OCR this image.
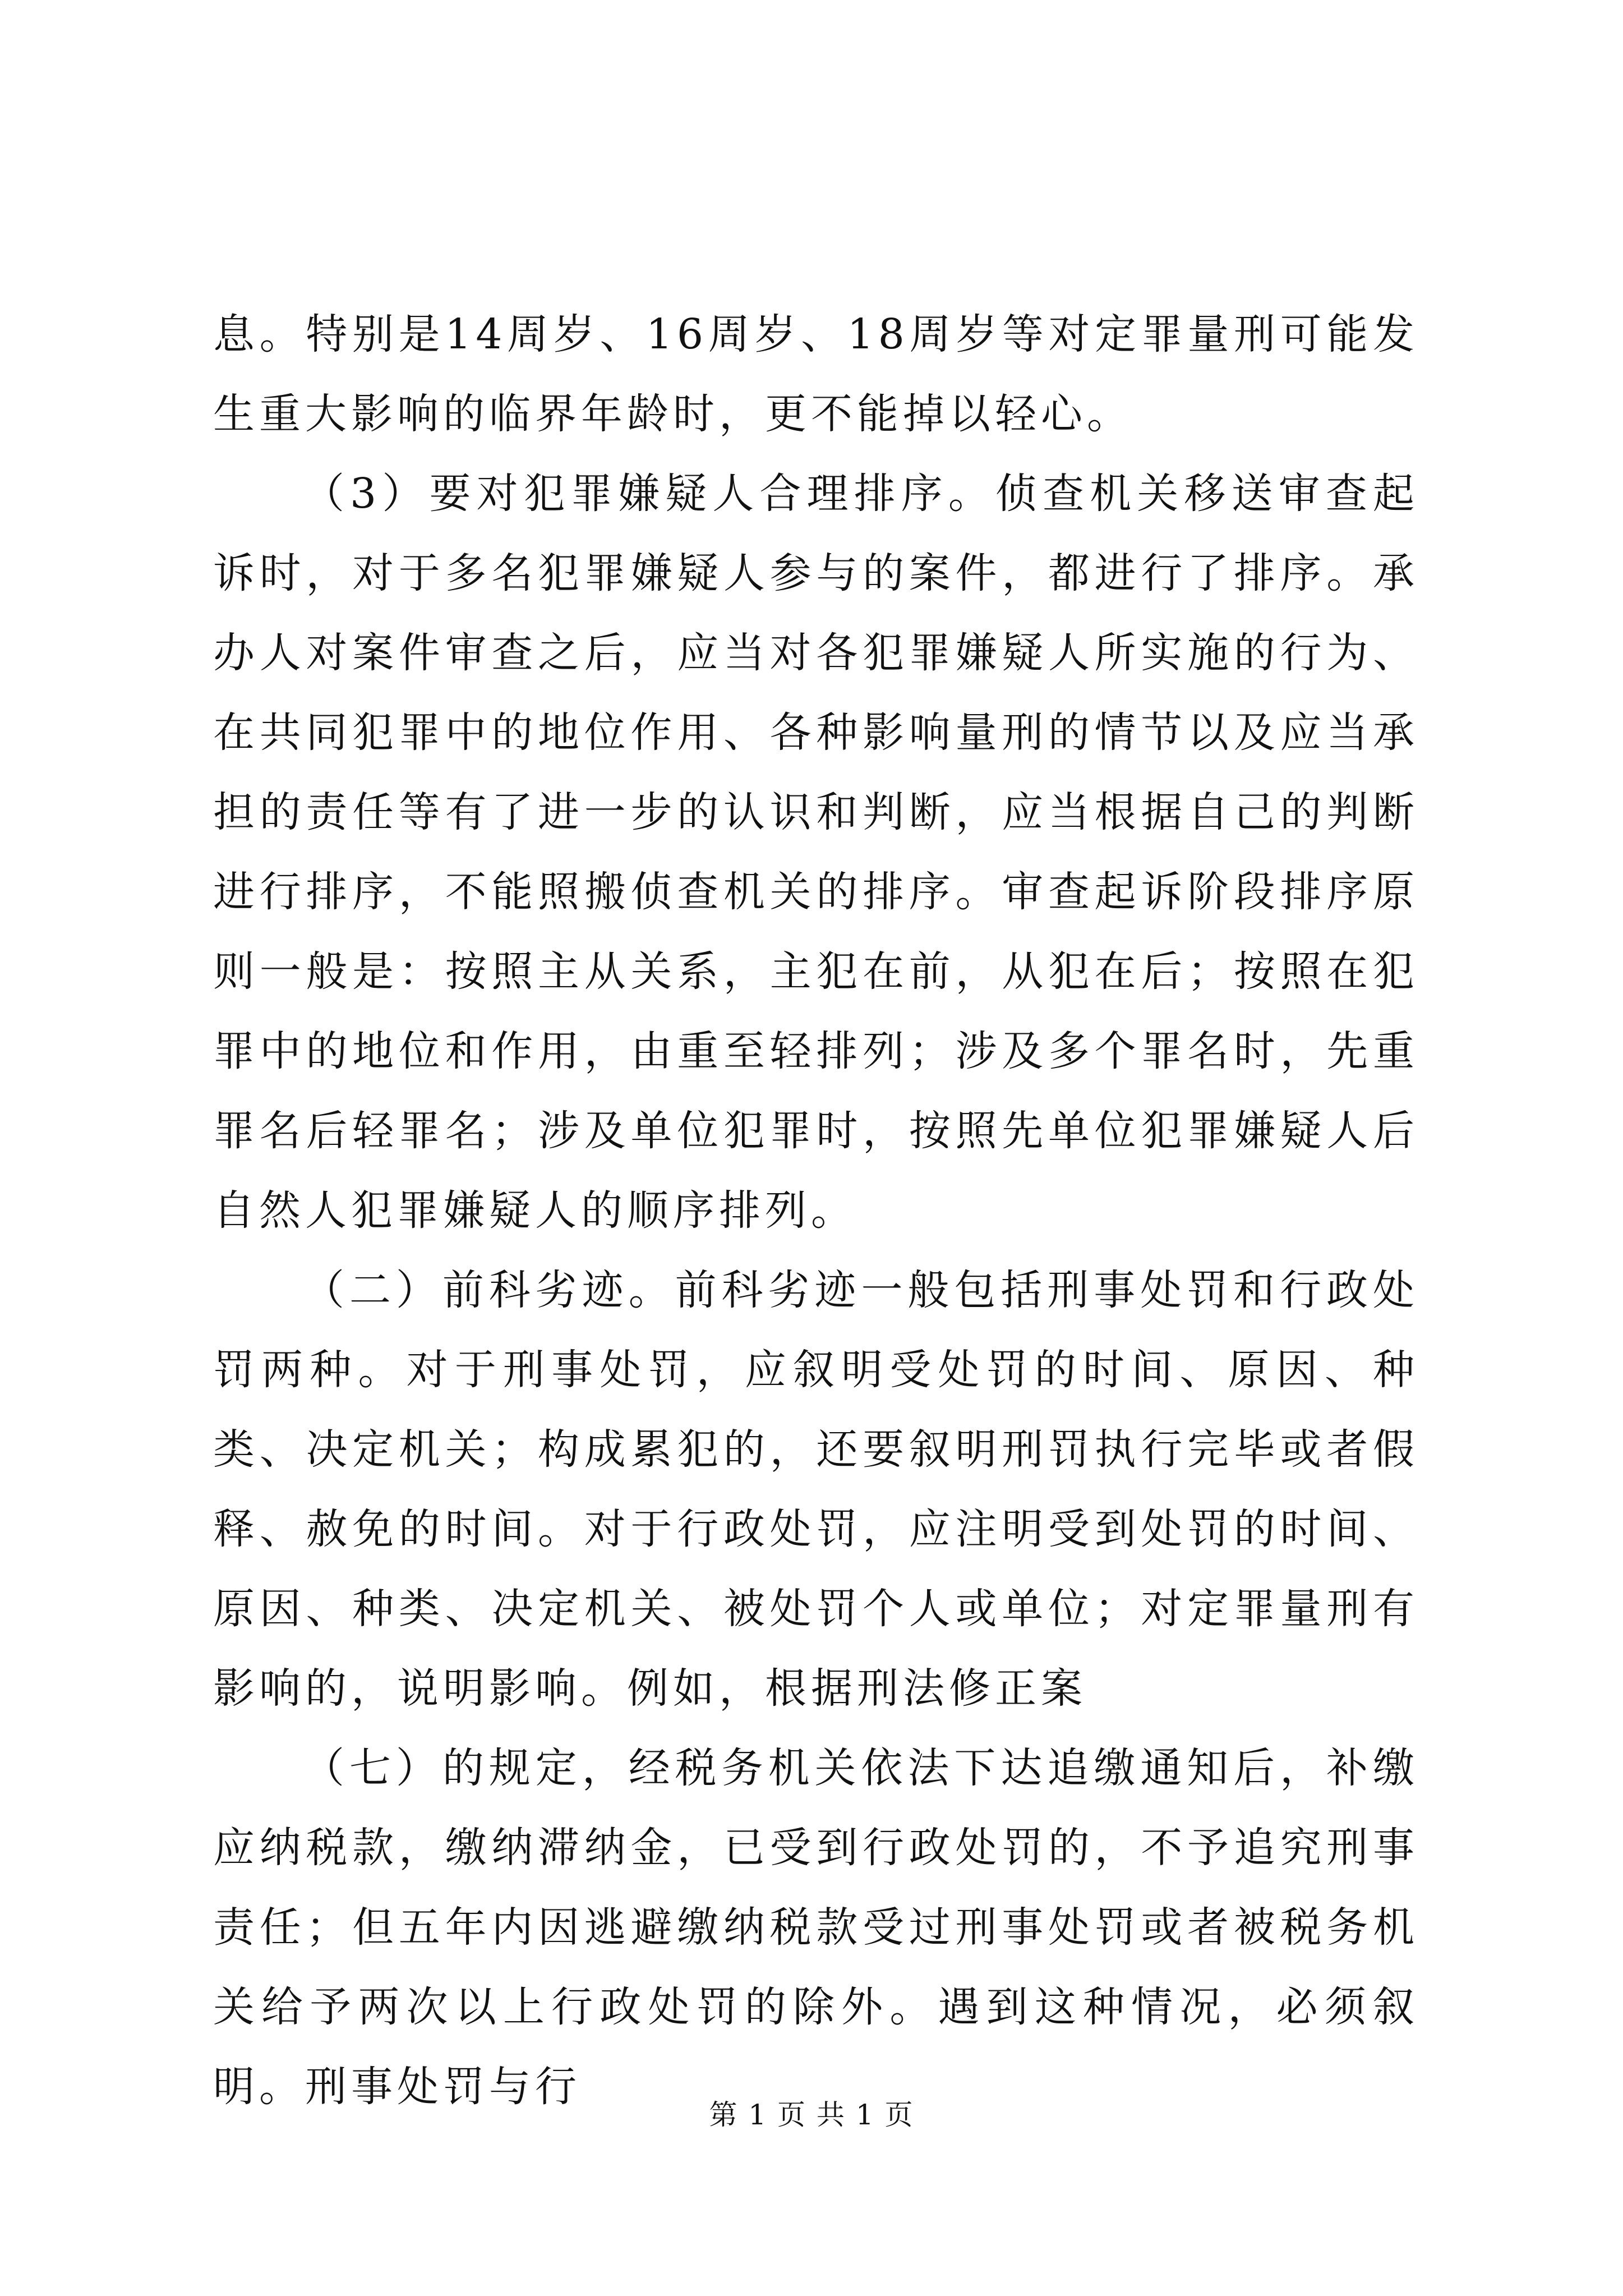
息。特别是14周岁、16周岁、18周岁等对定罪量刑可能发生重大影响的临界年龄时，更不能掉以轻心。

（3）要对犯罪嫌疑人合理排序。侦查机关移送审查起诉时，对于多名犯罪嫌疑人参与的案件，都进行了排序。承办人对案件审查之后，应当对各犯罪嫌疑人所实施的行为、在共同犯罪中的地位作用、各种影响量刑的情节以及应当承担的责任等有了进一步的认识和判断，应当根据自己的判断进行排序，不能照搬侦查机关的排序。审查起诉阶段排序原则一般是：按照主从关系，主犯在前，从犯在后；按照在犯罪中的地位和作用，由重至轻排列；涉及多个罪名时，先重罪名后轻罪名；涉及单位犯罪时，按照先单位犯罪嫌疑人后自然人犯罪嫌疑人的顺序排列。

（二）前科劣迹。前科劣迹一般包括刑事处罚和行政处罚两种。对于刑事处罚，应叙明受处罚的时间、原因、种类、决定机关；构成累犯的，还要叙明刑罚执行完毕或者假释、赦免的时间。对于行政处罚，应注明受到处罚的时间、原因、种类、决定机关、被处罚个人或单位；对定罪量刑有影响的，说明影响。例如，根据刑法修正案

（七）的规定，经税务机关依法下达追缴通知后，补缴应纳税款，缴纳滞纳金，已受到行政处罚的，不予追究刑事责任；但五年内因逃避缴纳税款受过刑事处罚或者被税务机关给予两次以上行政处罚的除外。遇到这种情况，必须叙明。刑事处罚与行

第 1 页 共 1 页
